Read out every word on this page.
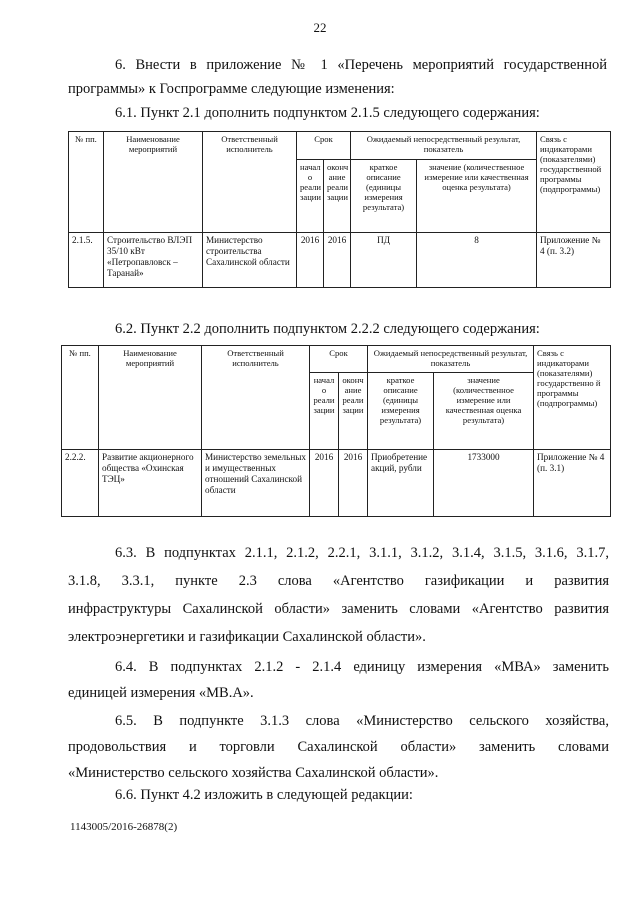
22
6. Внести в приложение № 1 «Перечень мероприятий государственной
программы» к Госпрограмме следующие изменения:
6.1. Пункт 2.1 дополнить подпунктом 2.1.5 следующего содержания:
№ пп.	Наименование мероприятий	Ответственный исполнитель	Срок		Ожидаемый непосредственный результат, показатель		Связь с индикаторами (показателями) государственной программы (подпрограммы)
			начал о реали зации	оконч ание реали зации	краткое описание (единицы измерения результата)	значение (количественное измерение или качественная оценка результата)	
2.1.5.	Строительство ВЛЭП 35/10 кВт «Петропавловск – Таранай»	Министерство строительства Сахалинской области	2016	2016	ПД	8	Приложение № 4 (п. 3.2)
6.2. Пункт 2.2 дополнить подпунктом 2.2.2 следующего содержания:
№ пп.	Наименование мероприятий	Ответственный исполнитель	Срок		Ожидаемый непосредственный результат, показатель		Связь с индикаторами (показателями) государственно й программы (подпрограммы)
			начал о реали зации	оконч ание реали зации	краткое описание (единицы измерения результата)	значение (количественное измерение или качественная оценка результата)	
2.2.2.	Развитие акционерного общества «Охинская ТЭЦ»	Министерство земельных и имущественных отношений Сахалинской области	2016	2016	Приобретение акций, рубли	1733000	Приложение № 4 (п. 3.1)
6.3. В подпунктах 2.1.1, 2.1.2, 2.2.1, 3.1.1, 3.1.2, 3.1.4, 3.1.5, 3.1.6, 3.1.7,
3.1.8, 3.3.1, пункте 2.3 слова «Агентство газификации и развития
инфраструктуры Сахалинской области» заменить словами «Агентство развития
электроэнергетики и газификации Сахалинской области».
6.4. В подпунктах 2.1.2 - 2.1.4 единицу измерения «МВА» заменить
единицей измерения «МВ.А».
6.5. В подпункте 3.1.3 слова «Министерство сельского хозяйства,
продовольствия и торговли Сахалинской области» заменить словами
«Министерство сельского хозяйства Сахалинской области».
6.6. Пункт 4.2 изложить в следующей редакции:
1143005/2016-26878(2)
